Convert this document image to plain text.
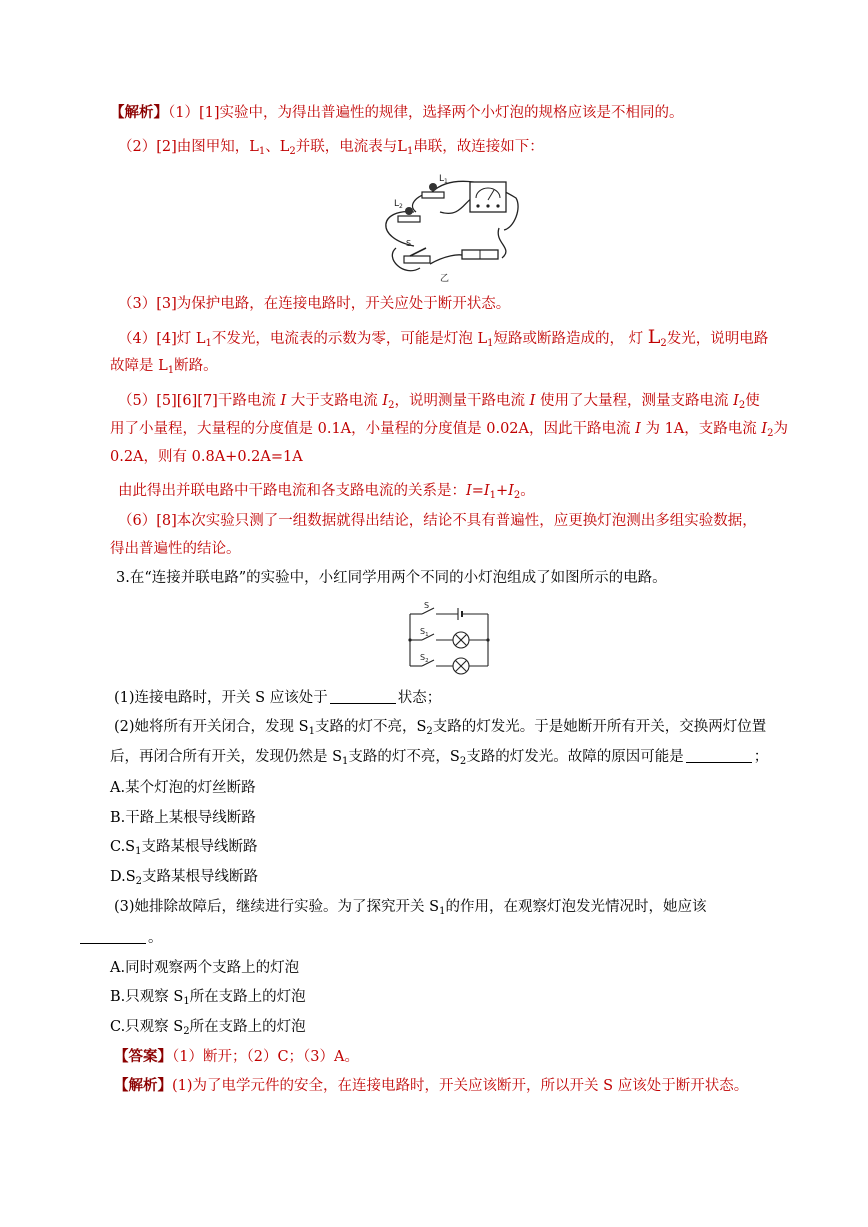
【解析】（1）[1]实验中，为得出普遍性的规律，选择两个小灯泡的规格应该是不相同的。
（2）[2]由图甲知，$L_1$、$L_2$并联，电流表与$L_1$串联，故连接如下：
$L_1$
$L_2$
S
乙
（3）[3]为保护电路，在连接电路时，开关应处于断开状态。
（4）[4]灯 $L_1$不发光，电流表的示数为零，可能是灯泡 $L_1$短路或断路造成的， 灯 $L_2$发光，说明电路
故障是 $L_1$断路。
（5）[5][6][7]干路电流 I 大于支路电流 $I_2$，说明测量干路电流 I 使用了大量程，测量支路电流 $I_2$使
用了小量程，大量程的分度值是 0.1A，小量程的分度值是 0.02A，因此干路电流 I 为 1A，支路电流 $I_2$为
0.2A，则有 0.8A+0.2A=1A
由此得出并联电路中干路电流和各支路电流的关系是：$I=I_1+I_2$。
（6）[8]本次实验只测了一组数据就得出结论，结论不具有普遍性，应更换灯泡测出多组实验数据，
得出普遍性的结论。
3.在“连接并联电路”的实验中，小红同学用两个不同的小灯泡组成了如图所示的电路。
S
$S_1$
$S_2$
(1)连接电路时，开关 S 应该处于	状态；
(2)她将所有开关闭合，发现 $S_1$支路的灯不亮，$S_2$支路的灯发光。于是她断开所有开关，交换两灯位置
后，再闭合所有开关，发现仍然是 $S_1$支路的灯不亮，$S_2$支路的灯发光。故障的原因可能是	；
A.某个灯泡的灯丝断路
B.干路上某根导线断路
$C.S_1$支路某根导线断路
$D.S_2$支路某根导线断路
(3)她排除故障后，继续进行实验。为了探究开关 $S_1$的作用，在观察灯泡发光情况时，她应该
。
A.同时观察两个支路上的灯泡
B.只观察 $S_1$所在支路上的灯泡
C.只观察 $S_2$所在支路上的灯泡
【答案】（1）断开；（2）C；（3）A。
【解析】(1)为了电学元件的安全，在连接电路时，开关应该断开，所以开关 S 应该处于断开状态。
